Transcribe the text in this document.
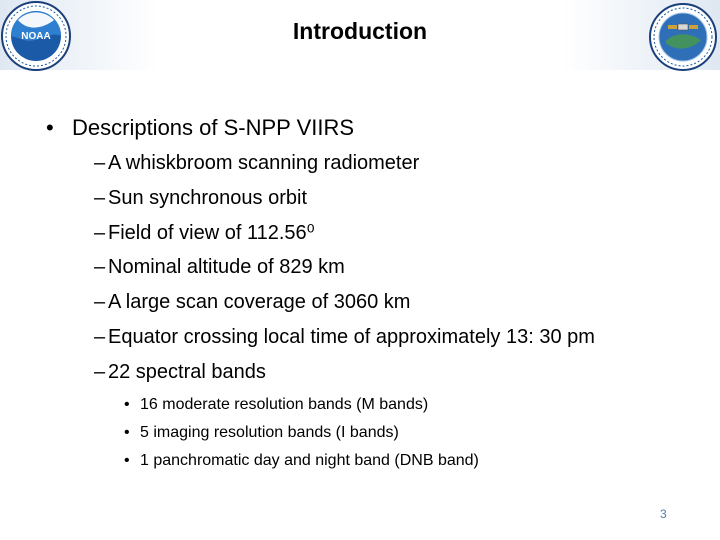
NOAA	Introduction
• Descriptions of S-NPP VIIRS
– A whiskbroom scanning radiometer
– Sun synchronous orbit
– Field of view of 112.56⁰
– Nominal altitude of 829 km
– A large scan coverage of 3060 km
– Equator crossing local time of approximately 13: 30 pm
– 22 spectral bands
• 16 moderate resolution bands (M bands)
• 5 imaging resolution bands (I bands)
• 1 panchromatic day and night band (DNB band)
3
